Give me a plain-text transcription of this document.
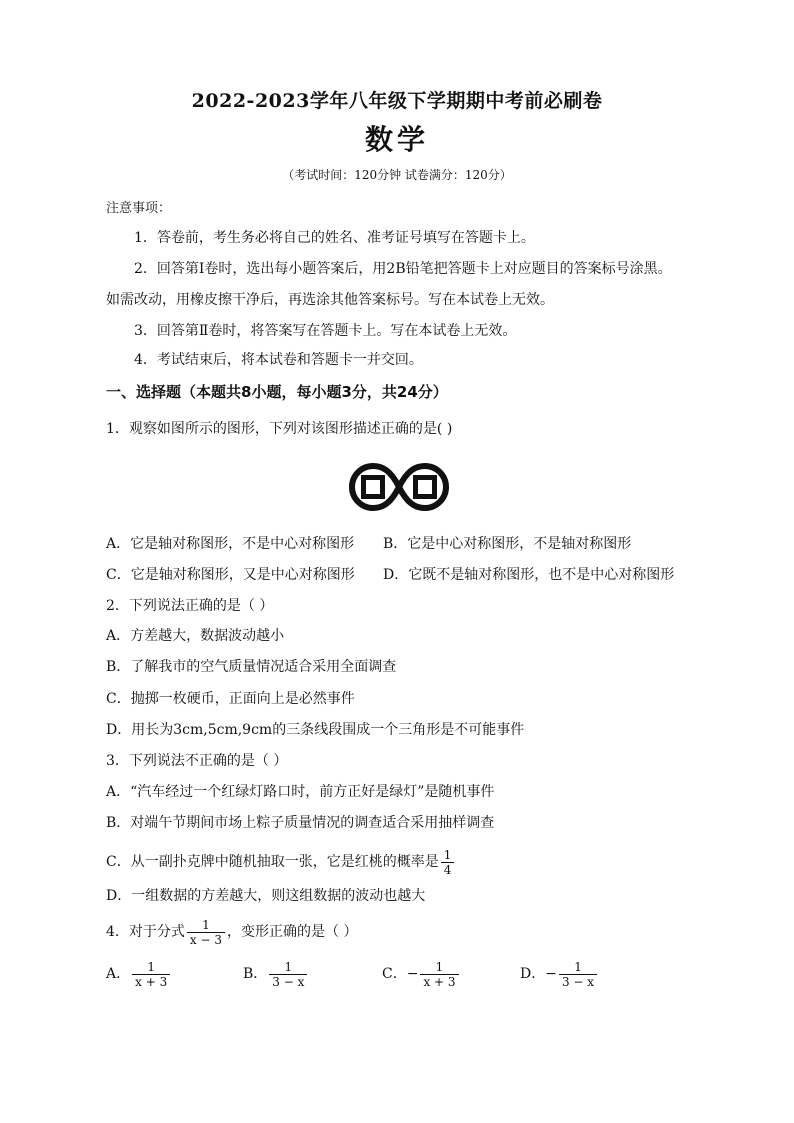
2022-2023学年八年级下学期期中考前必刷卷
数学
（考试时间：120分钟 试卷满分：120分）
注意事项：
1．答卷前，考生务必将自己的姓名、准考证号填写在答题卡上。
2．回答第Ⅰ卷时，选出每小题答案后，用2B铅笔把答题卡上对应题目的答案标号涂黑。
如需改动，用橡皮擦干净后，再选涂其他答案标号。写在本试卷上无效。
3．回答第Ⅱ卷时，将答案写在答题卡上。写在本试卷上无效。
4．考试结束后，将本试卷和答题卡一并交回。
一、选择题（本题共8小题，每小题3分，共24分）
1．观察如图所示的图形，下列对该图形描述正确的是( )
A．它是轴对称图形，不是中心对称图形 B．它是中心对称图形，不是轴对称图形
C．它是轴对称图形，又是中心对称图形 D．它既不是轴对称图形，也不是中心对称图形
2．下列说法正确的是（ ）
A．方差越大，数据波动越小
B．了解我市的空气质量情况适合采用全面调查
C．抛掷一枚硬币，正面向上是必然事件
D．用长为3cm,5cm,9cm的三条线段围成一个三角形是不可能事件
3．下列说法不正确的是（ ）
A．“汽车经过一个红绿灯路口时，前方正好是绿灯”是随机事件
B．对端午节期间市场上粽子质量情况的调查适合采用抽样调查
C．从一副扑克牌中随机抽取一张，它是红桃的概率是 $\frac{1}{4}$
D．一组数据的方差越大，则这组数据的波动也越大
4．对于分式 $\frac{1}{x - 3}$ ，变形正确的是（ ）
A． $\frac{1}{x + 3}$	B． $\frac{1}{3 - x}$	C．− $\frac{1}{x + 3}$	D．− $\frac{1}{3 - x}$
